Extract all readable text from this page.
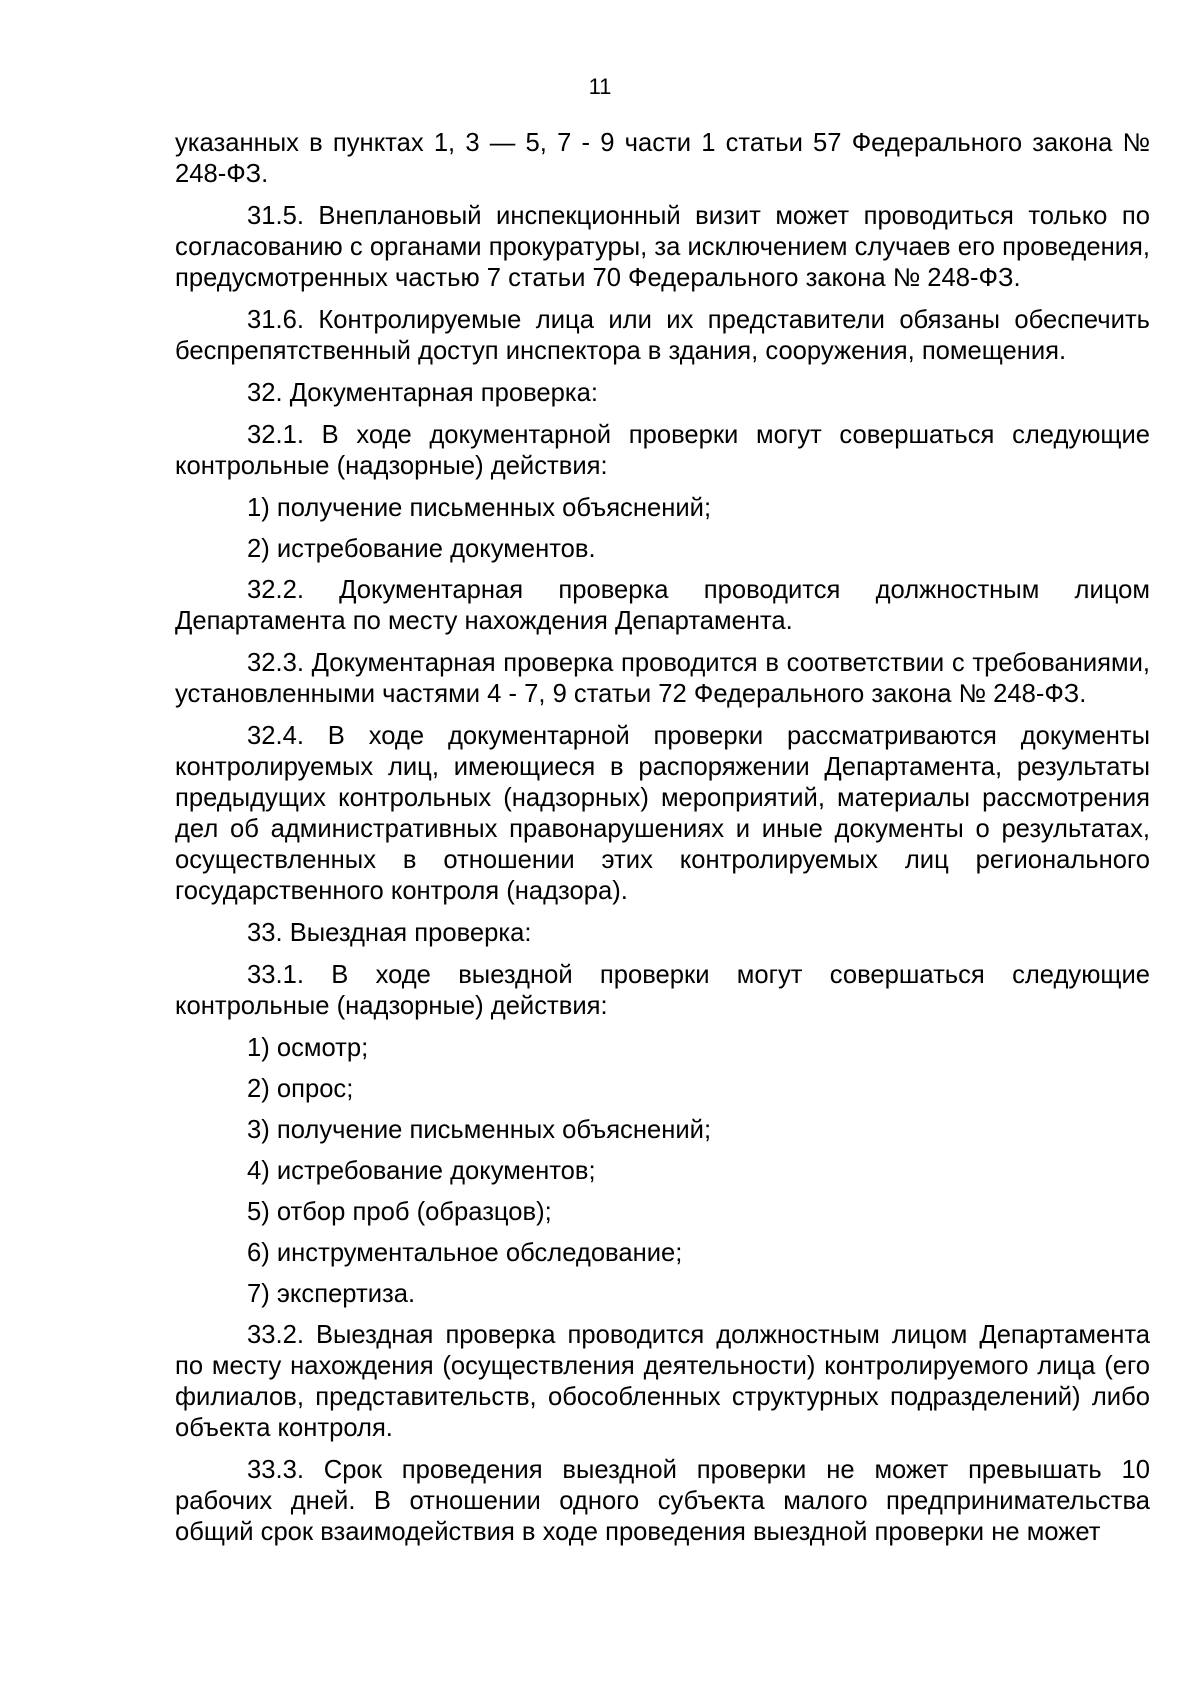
11

указанных в пунктах 1, 3 — 5, 7 - 9 части 1 статьи 57 Федерального закона № 248-ФЗ.

31.5. Внеплановый инспекционный визит может проводиться только по согласованию с органами прокуратуры, за исключением случаев его проведения, предусмотренных частью 7 статьи 70 Федерального закона № 248-ФЗ.

31.6. Контролируемые лица или их представители обязаны обеспечить беспрепятственный доступ инспектора в здания, сооружения, помещения.

32. Документарная проверка:

32.1. В ходе документарной проверки могут совершаться следующие контрольные (надзорные) действия:

1) получение письменных объяснений;

2) истребование документов.

32.2. Документарная проверка проводится должностным лицом Департамента по месту нахождения Департамента.

32.3. Документарная проверка проводится в соответствии с требованиями, установленными частями 4 - 7, 9 статьи 72 Федерального закона № 248-ФЗ.

32.4. В ходе документарной проверки рассматриваются документы контролируемых лиц, имеющиеся в распоряжении Департамента, результаты предыдущих контрольных (надзорных) мероприятий, материалы рассмотрения дел об административных правонарушениях и иные документы о результатах, осуществленных в отношении этих контролируемых лиц регионального государственного контроля (надзора).

33. Выездная проверка:

33.1. В ходе выездной проверки могут совершаться следующие контрольные (надзорные) действия:

1) осмотр;

2) опрос;

3) получение письменных объяснений;

4) истребование документов;

5) отбор проб (образцов);

6) инструментальное обследование;

7) экспертиза.

33.2. Выездная проверка проводится должностным лицом Департамента по месту нахождения (осуществления деятельности) контролируемого лица (его филиалов, представительств, обособленных структурных подразделений) либо объекта контроля.

33.3. Срок проведения выездной проверки не может превышать 10 рабочих дней. В отношении одного субъекта малого предпринимательства общий срок взаимодействия в ходе проведения выездной проверки не может
